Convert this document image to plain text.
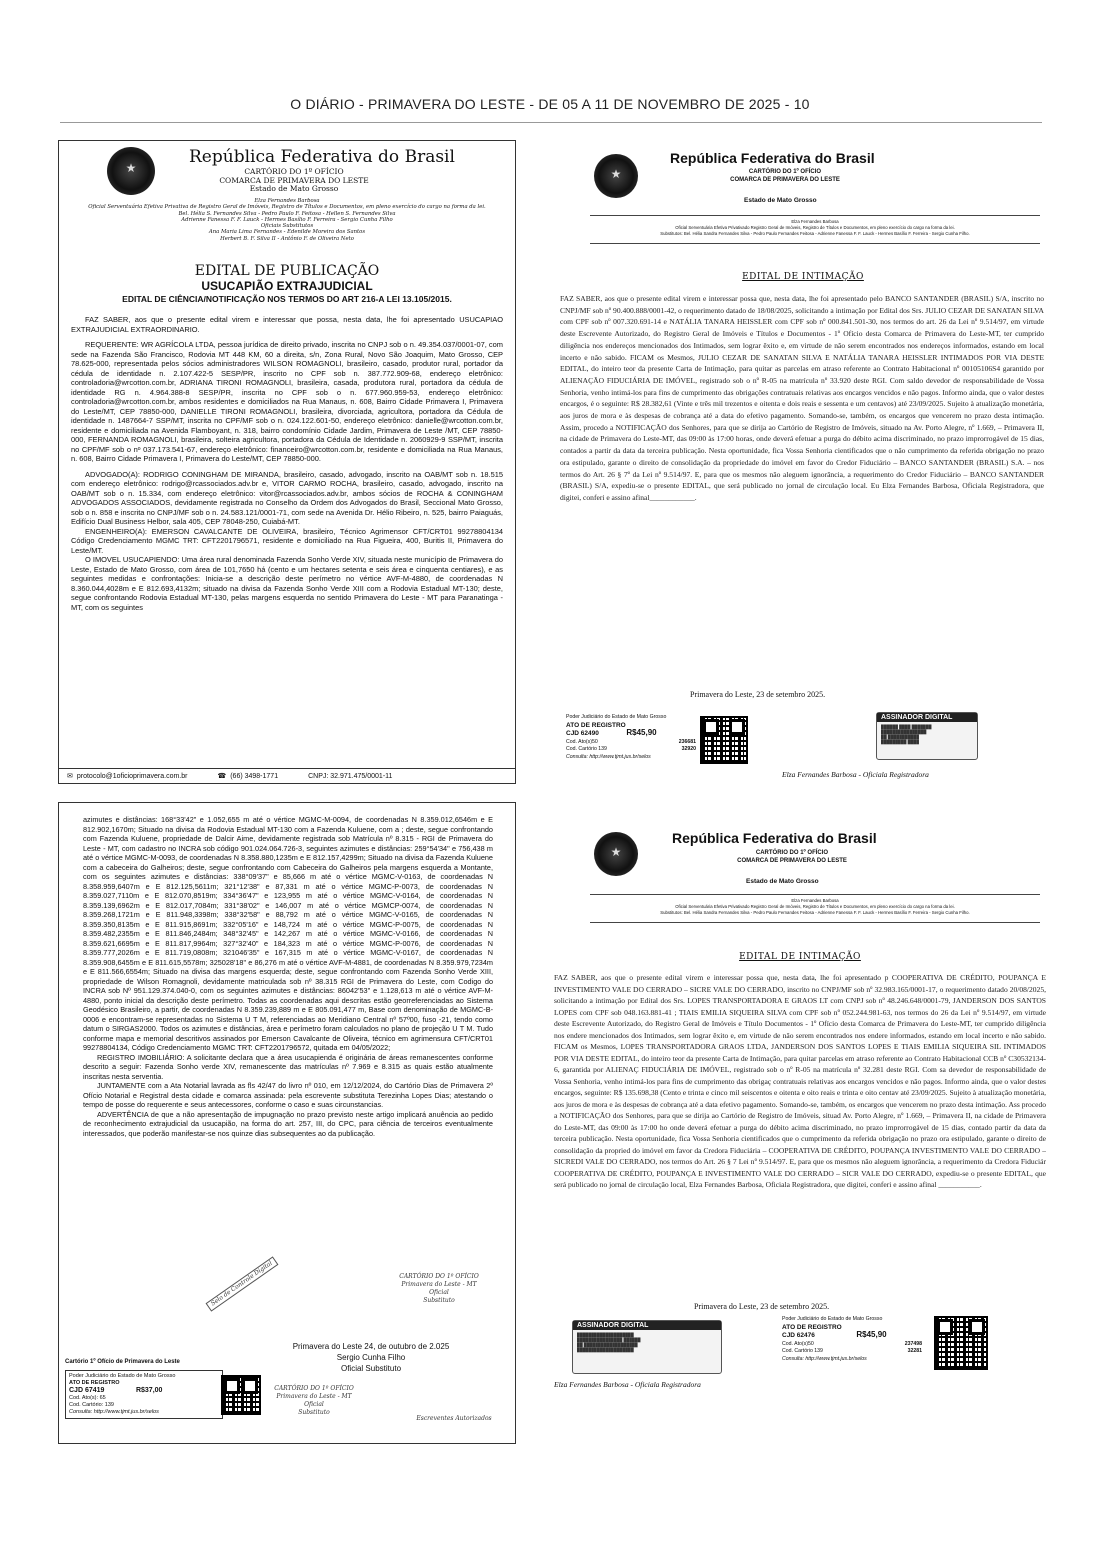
O DIÁRIO - PRIMAVERA DO LESTE - DE 05 A 11 DE NOVEMBRO DE 2025 - 10
★
República Federativa do Brasil
CARTÓRIO DO 1º OFÍCIO
COMARCA DE PRIMAVERA DO LESTE
Estado de Mato Grosso
Elza Fernandes Barbosa
Oficial Serventuária Efetiva Privativa de Registro Geral de Imóveis, Registro de Títulos e Documentos, em pleno exercício do cargo na forma da lei.
Bel. Hélia S. Fernandes Silva - Pedro Paulo F. Feitosa - Hellen S. Fernandes Silva
Adrienne Fanessa F. F. Lauck - Hermes Basílio F. Ferreira - Sergio Cunha Filho
Oficiais Substitutos
Ana Maria Lima Fernandes - Edenilde Moreira dos Santos
Herbert B. F. Silva II - Antônio F. de Oliveira Neto
EDITAL DE PUBLICAÇÃO
USUCAPIÃO EXTRAJUDICIAL
EDITAL DE CIÊNCIA/NOTIFICAÇÃO NOS TERMOS DO ART 216-A LEI 13.105/2015.

FAZ SABER, aos que o presente edital virem e interessar que possa, nesta data, lhe foi apresentado USUCAPIAO EXTRAJUDICIAL EXTRAORDINARIO.

REQUERENTE: WR AGRÍCOLA LTDA, pessoa jurídica de direito privado, inscrita no CNPJ sob o n. 49.354.037/0001-07, com sede na Fazenda São Francisco, Rodovia MT 448 KM, 60 a direita, s/n, Zona Rural, Novo São Joaquim, Mato Grosso, CEP 78.625-000, representada pelos sócios administradores WILSON ROMAGNOLI, brasileiro, casado, produtor rural, portador da cédula de identidade n. 2.107.422-5 SESP/PR, inscrito no CPF sob n. 387.772.909-68, endereço eletrônico: controladoria@wrcotton.com.br, ADRIANA TIRONI ROMAGNOLI, brasileira, casada, produtora rural, portadora da cédula de identidade RG n. 4.964.388-8 SESP/PR, inscrita no CPF sob o n. 677.960.959-53, endereço eletrônico: controladoria@wrcotton.com.br, ambos residentes e domiciliados na Rua Manaus, n. 608, Bairro Cidade Primavera I, Primavera do Leste/MT, CEP 78850-000, DANIELLE TIRONI ROMAGNOLI, brasileira, divorciada, agricultora, portadora da Cédula de identidade n. 1487664-7 SSP/MT, inscrita no CPF/MF sob o n. 024.122.601-50, endereço eletrônico: danielle@wrcotton.com.br, residente e domiciliada na Avenida Flamboyant, n. 318, bairro condomínio Cidade Jardim, Primavera de Leste /MT, CEP 78850-000, FERNANDA ROMAGNOLI, brasileira, solteira agricultora, portadora da Cédula de Identidade n. 2060929-9 SSP/MT, inscrita no CPF/MF sob o nº 037.173.541-67, endereço eletrônico: financeiro@wrcotton.com.br, residente e domiciliada na Rua Manaus, n. 608, Bairro Cidade Primavera I, Primavera do Leste/MT, CEP 78850-000.

ADVOGADO(A): RODRIGO CONINGHAM DE MIRANDA, brasileiro, casado, advogado, inscrito na OAB/MT sob n. 18.515 com endereço eletrônico: rodrigo@rcassociados.adv.br e, VITOR CARMO ROCHA, brasileiro, casado, advogado, inscrito na OAB/MT sob o n. 15.334, com endereço eletrônico: vitor@rcassociados.adv.br, ambos sócios de ROCHA & CONINGHAM ADVOGADOS ASSOCIADOS, devidamente registrada no Conselho da Ordem dos Advogados do Brasil, Seccional Mato Grosso, sob o n. 858 e inscrita no CNPJ/MF sob o n. 24.583.121/0001-71, com sede na Avenida Dr. Hélio Ribeiro, n. 525, bairro Paiaguás, Edifício Dual Business Helbor, sala 405, CEP 78048-250, Cuiabá-MT.

ENGENHEIRO(A): EMERSON CAVALCANTE DE OLIVEIRA, brasileiro, Técnico Agrimensor CFT/CRT01 99278804134 Código Credenciamento MGMC TRT: CFT2201796571, residente e domiciliado na Rua Figueira, 400, Buritis II, Primavera do Leste/MT.

O IMOVEL USUCAPIENDO: Uma área rural denominada Fazenda Sonho Verde XIV, situada neste município de Primavera do Leste, Estado de Mato Grosso, com área de 101,7650 há (cento e um hectares setenta e seis área e cinquenta centiares), e as seguintes medidas e confrontações: Inicia-se a descrição deste perímetro no vértice AVF-M-4880, de coordenadas N 8.360.044,4028m e E 812.693,4132m; situado na divisa da Fazenda Sonho Verde XIII com a Rodovia Estadual MT-130; deste, segue confrontando Rodovia Estadual MT-130, pelas margens esquerda no sentido Primavera do Leste - MT para Paranatinga -MT, com os seguintes

✉ protocolo@1oficioprimavera.com.br	☎ (66) 3498-1771	CNPJ: 32.971.475/0001-11
★
República Federativa do Brasil
CARTÓRIO DO 1º OFÍCIO
COMARCA DE PRIMAVERA DO LESTE
Estado de Mato Grosso
Elza Fernandes Barbosa
Oficial Serventuária Efetiva Privativado Registro Geral de Imóveis, Registro de Títulos e Documentos, em pleno exercício do cargo na forma da lei.
Substitutos: Bel. Hélia Sandra Fernandes Silva - Pedro Paulo Fernandes Feitosa - Adrienne Fanessa F. F. Lauck - Hermes Basílio F. Ferreira - Sergio Cunha Filho.
EDITAL DE INTIMAÇÃO
FAZ SABER, aos que o presente edital virem e interessar possa que, nesta data, lhe foi apresentado pelo BANCO SANTANDER (BRASIL) S/A, inscrito no CNPJ/MF sob nº 90.400.888/0001-42, o requerimento datado de 18/08/2025, solicitando a intimação por Edital dos Srs. JULIO CEZAR DE SANATAN SILVA com CPF sob nº 007.320.691-14 e NATÁLIA TANARA HEISSLER com CPF sob nº 000.841.501-30, nos termos do art. 26 da Lei nº 9.514/97, em virtude deste Escrevente Autorizado, do Registro Geral de Imóveis e Títulos e Documentos - 1º Ofício desta Comarca de Primavera do Leste-MT, ter cumprido diligência nos endereços mencionados dos Intimados, sem lograr êxito e, em virtude de não serem encontrados nos endereços informados, estando em local incerto e não sabido. FICAM os Mesmos, JULIO CEZAR DE SANATAN SILVA E NATÁLIA TANARA HEISSLER INTIMADOS POR VIA DESTE EDITAL, do inteiro teor da presente Carta de Intimação, para quitar as parcelas em atraso referente ao Contrato Habitacional nº 00105106S4 garantido por ALIENAÇÃO FIDUCIÁRIA DE IMÓVEL, registrado sob o nº R-05 na matrícula nº 33.920 deste RGI. Com saldo devedor de responsabilidade de Vossa Senhoria, venho intimá-los para fins de cumprimento das obrigações contratuais relativas aos encargos vencidos e não pagos. Informo ainda, que o valor destes encargos, é o seguinte: R$ 28.382,61 (Vinte e três mil trezentos e oitenta e dois reais e sessenta e um centavos) até 23/09/2025. Sujeito à atualização monetária, aos juros de mora e às despesas de cobrança até a data do efetivo pagamento. Somando-se, também, os encargos que vencerem no prazo desta intimação. Assim, procedo a NOTIFICAÇÃO dos Senhores, para que se dirija ao Cartório de Registro de Imóveis, situado na Av. Porto Alegre, nº 1.669, – Primavera II, na cidade de Primavera do Leste-MT, das 09:00 às 17:00 horas, onde deverá efetuar a purga do débito acima discriminado, no prazo improrrogável de 15 dias, contados a partir da data da terceira publicação. Nesta oportunidade, fica Vossa Senhoria cientificados que o não cumprimento da referida obrigação no prazo ora estipulado, garante o direito de consolidação da propriedade do imóvel em favor do Credor Fiduciário – BANCO SANTANDER (BRASIL) S.A. – nos termos do Art. 26 § 7º da Lei nº 9.514/97. E, para que os mesmos não aleguem ignorância, a requerimento do Credor Fiduciário – BANCO SANTANDER (BRASIL) S/A, expediu-se o presente EDITAL, que será publicado no jornal de circulação local. Eu Elza Fernandes Barbosa, Oficiala Registradora, que digitei, conferi e assino afinal____________.
Primavera do Leste, 23 de setembro 2025.
Poder Judiciário do Estado de Mato Grosso
ATO DE REGISTRO
CJD 62490	R$45,90
Cod. Ato(s)50	236681
Cod. Cartório 139	32920
Consulta: http://www.tjmt.jus.br/selos
ASSINADOR DIGITAL
██████ ████ ███████
████████████████
██ ███████████
█████████ ████
Elza Fernandes Barbosa - Oficiala Registradora

azimutes e distâncias: 168°33'42" e 1.052,655 m até o vértice MGMC-M-0094, de coordenadas N 8.359.012,6546m e E 812.902,1670m; Situado na divisa da Rodovia Estadual MT-130 com a Fazenda Kuluene, com a ; deste, segue confrontando com Fazenda Kuluene, propriedade de Dalcir Aime, devidamente registrada sob Matrícula nº 8.315 - RGI de Primavera do Leste - MT, com cadastro no INCRA sob código 901.024.064.726-3, seguintes azimutes e distâncias: 259°54'34" e 756,438 m até o vértice MGMC-M-0093, de coordenadas N 8.358.880,1235m e E 812.157,4299m; Situado na divisa da Fazenda Kuluene com a cabeceira do Galheiros; deste, segue confrontando com Cabeceira do Galheiros pela margens esquerda a Montante, com os seguintes azimutes e distâncias: 338°09'37" e 85,666 m até o vértice MGMC-V-0163, de coordenadas N 8.358.959,6407m e E 812.125,5611m; 321°12'38" e 87,331 m até o vértice MGMC-P-0073, de coordenadas N 8.359.027,7110m e E 812.070,8519m; 334°36'47" e 123,955 m até o vértice MGMC-V-0164, de coordenadas N 8.359.139,6962m e E 812.017,7084m; 331°38'02" e 146,007 m até o vértice MGMCP-0074, de coordenadas N 8.359.268,1721m e E 811.948,3398m; 338°32'58" e 88,792 m até o vértice MGMC-V-0165, de coordenadas N 8.359.350,8135m e E 811.915,8691m; 332°05'16" e 148,724 m até o vértice MGMC-P-0075, de coordenadas N 8.359.482,2355m e E 811.846,2484m; 348°32'45" e 142,267 m até o vértice MGMC-V-0166, de coordenadas N 8.359.621,6695m e E 811.817,9964m; 327°32'40" e 184,323 m até o vértice MGMC-P-0076, de coordenadas N 8.359.777,2026m e E 811.719,0808m; 321046'35" e 167,315 m até o vértice MGMC-V-0167, de coordenadas N 8.359.908,6455m e E 811.615,5578m; 325028'18" e 86,276 m até o vértice AVF-M-4881, de coordenadas N 8.359.979,7234m e E 811.566,6554m; Situado na divisa das margens esquerda; deste, segue confrontando com Fazenda Sonho Verde XIII, propriedade de Wilson Romagnoli, devidamente matriculada sob nº 38.315 RGI de Primavera do Leste, com Codigo do INCRA sob Nº 951.129.374.040-0, com os seguintes azimutes e distâncias: 86042'53" e 1.128,613 m até o vértice AVF-M-4880, ponto inicial da descrição deste perímetro. Todas as coordenadas aqui descritas estão georreferenciadas ao Sistema Geodésico Brasileiro, a partir, de coordenadas N 8.359.239,889 m e E 805.091,477 m, Base com denominação de MGMC-B-0006 e encontram-se representadas no Sistema U T M, referenciadas ao Meridiano Central nº 57º00, fuso -21, tendo como datum o SIRGAS2000. Todos os azimutes e distâncias, área e perímetro foram calculados no plano de projeção U T M. Tudo conforme mapa e memorial descritivos assinados por Emerson Cavalcante de Oliveira, técnico em agrimensura CFT/CRT01 99278804134, Código Credenciamento MGMC TRT: CFT2201796572, quitada em 04/05/2022;

REGISTRO IMOBILIÁRIO: A solicitante declara que a área usucapienda é originária de áreas remanescentes conforme descrito a seguir: Fazenda Sonho verde XIV, remanescente das matrículas nº 7.969 e 8.315 as quais estão atualmente inscritas nesta serventia.

JUNTAMENTE com a Ata Notarial lavrada as fls 42/47 do livro nº 010, em 12/12/2024, do Cartório Dias de Primavera 2º Ofício Notarial e Registral desta cidade e comarca assinada: pela escrevente substituta Terezinha Lopes Dias; atestando o tempo de posse do requerente e seus antecessores, conforme o caso e suas circunstancias.

ADVERTÊNCIA de que a não apresentação de impugnação no prazo previsto neste artigo implicará anuência ao pedido de reconhecimento extrajudicial da usucapião, na forma do art. 257, III, do CPC, para ciência de terceiros eventualmente interessados, que poderão manifestar-se nos quinze dias subsequentes ao da publicação.

Primavera do Leste 24, de outubro de 2.025
Sergio Cunha Filho
Oficial Substituto
CARTÓRIO DO 1º OFÍCIO
Primavera do Leste - MT
Oficial
Substituto
CARTÓRIO DO 1º OFÍCIO
Primavera do Leste - MT
Oficial
Substituto
Escreventes Autorizados
Selo de Controle Digital
Cartório 1º Ofício de Primavera do Leste
Poder Judiciário do Estado de Mato Grosso
ATO DE REGISTRO
CJD 67419	R$37,00
Cod. Ato(s): 65
Cod. Cartório: 139
Consulta: http://www.tjmt.jus.br/selos
★
República Federativa do Brasil
CARTÓRIO DO 1º OFÍCIO
COMARCA DE PRIMAVERA DO LESTE
Estado de Mato Grosso
Elza Fernandes Barbosa
Oficial Serventuária Efetiva Privativado Registro Geral de Imóveis, Registro de Títulos e Documentos, em pleno exercício do cargo na forma da lei.
Substitutos: Bel. Hélia Sandra Fernandes Silva - Pedro Paulo Fernandes Feitosa - Adrienne Fanessa F. F. Lauck - Hermes Basílio F. Ferreira - Sergio Cunha Filho.
EDITAL DE INTIMAÇÃO
FAZ SABER, aos que o presente edital virem e interessar possa que, nesta data, lhe foi apresentado p COOPERATIVA DE CRÉDITO, POUPANÇA E INVESTIMENTO VALE DO CERRADO – SICRE VALE DO CERRADO, inscrito no CNPJ/MF sob nº 32.983.165/0001-17, o requerimento datado 20/08/2025, solicitando a intimação por Edital dos Srs. LOPES TRANSPORTADORA E GRAOS LT com CNPJ sob nº 48.246.648/0001-79, JANDERSON DOS SANTOS LOPES com CPF sob 048.163.881-41 ; TIAIS EMILIA SIQUEIRA SILVA com CPF sob nº 052.244.981-63, nos termos do 26 da Lei nº 9.514/97, em virtude deste Escrevente Autorizado, do Registro Geral de Imóveis e Título Documentos - 1º Ofício desta Comarca de Primavera do Leste-MT, ter cumprido diligência nos endere mencionados dos Intimados, sem lograr êxito e, em virtude de não serem encontrados nos endere informados, estando em local incerto e não sabido. FICAM os Mesmos, LOPES TRANSPORTADORA GRAOS LTDA, JANDERSON DOS SANTOS LOPES E TIAIS EMILIA SIQUEIRA SIL INTIMADOS POR VIA DESTE EDITAL, do inteiro teor da presente Carta de Intimação, para quitar parcelas em atraso referente ao Contrato Habitacional CCB nº C30532134-6, garantida por ALIENAÇ FIDUCIÁRIA DE IMÓVEL, registrado sob o nº R-05 na matrícula nº 32.281 deste RGI. Com sa devedor de responsabilidade de Vossa Senhoria, venho intimá-los para fins de cumprimento das obrigaç contratuais relativas aos encargos vencidos e não pagos. Informo ainda, que o valor destes encargos, seguinte: R$ 135.698,38 (Cento e trinta e cinco mil seiscentos e oitenta e oito reais e trinta e oito centav até 23/09/2025. Sujeito à atualização monetária, aos juros de mora e às despesas de cobrança até a data efetivo pagamento. Somando-se, também, os encargos que vencerem no prazo desta intimação. Ass procedo a NOTIFICAÇÃO dos Senhores, para que se dirija ao Cartório de Registro de Imóveis, situad Av. Porto Alegre, nº 1.669, – Primavera II, na cidade de Primavera do Leste-MT, das 09:00 às 17:00 ho onde deverá efetuar a purga do débito acima discriminado, no prazo improrrogável de 15 dias, contado partir da data da terceira publicação. Nesta oportunidade, fica Vossa Senhoria cientificados que o cumprimento da referida obrigação no prazo ora estipulado, garante o direito de consolidação da propried do imóvel em favor da Credora Fiduciária – COOPERATIVA DE CRÉDITO, POUPANÇA INVESTIMENTO VALE DO CERRADO – SICREDI VALE DO CERRADO, nos termos do Art. 26 § 7 Lei nº 9.514/97. E, para que os mesmos não aleguem ignorância, a requerimento da Credora Fiduciár COOPERATIVA DE CRÉDITO, POUPANÇA E INVESTIMENTO VALE DO CERRADO – SICR VALE DO CERRADO, expediu-se o presente EDITAL, que será publicado no jornal de circulação local, Elza Fernandes Barbosa, Oficiala Registradora, que digitei, conferi e assino afinal ___________.
Primavera do Leste, 23 de setembro 2025.
ASSINADOR DIGITAL
████████████████████
████████████████ ██████
██ ███████████████████
████████████████████
Poder Judiciário do Estado de Mato Grosso
ATO DE REGISTRO
CJD 62476	R$45,90
Cod. Ato(s)50	237498
Cod. Cartório 139	32281
Consulta: http://www.tjmt.jus.br/selos
Elza Fernandes Barbosa - Oficiala Registradora
